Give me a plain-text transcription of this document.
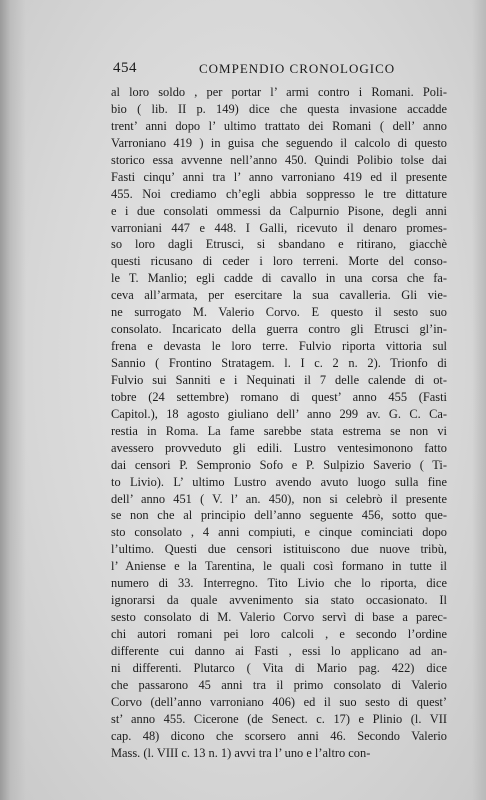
454	COMPENDIO CRONOLOGICO
al loro soldo , per portar l’ armi contro i Romani. Poli-
bio ( lib. II p. 149) dice che questa invasione accadde
trent’ anni dopo l’ ultimo trattato dei Romani ( dell’ anno
Varroniano 419 ) in guisa che seguendo il calcolo di questo
storico essa avvenne nell’anno 450. Quindi Polibio tolse dai
Fasti cinqu’ anni tra l’ anno varroniano 419 ed il presente
455. Noi crediamo ch’egli abbia soppresso le tre dittature
e i due consolati ommessi da Calpurnio Pisone, degli anni
varroniani 447 e 448. I Galli, ricevuto il denaro promes-
so loro dagli Etrusci, si sbandano e ritirano, giacchè
questi ricusano di ceder i loro terreni. Morte del conso-
le T. Manlio; egli cadde di cavallo in una corsa che fa-
ceva all’armata, per esercitare la sua cavalleria. Gli vie-
ne surrogato M. Valerio Corvo. E questo il sesto suo
consolato. Incaricato della guerra contro gli Etrusci gl’in-
frena e devasta le loro terre. Fulvio riporta vittoria sul
Sannio ( Frontino Stratagem. l. I c. 2 n. 2). Trionfo di
Fulvio sui Sanniti e i Nequinati il 7 delle calende di ot-
tobre (24 settembre) romano di quest’ anno 455 (Fasti
Capitol.), 18 agosto giuliano dell’ anno 299 av. G. C. Ca-
restia in Roma. La fame sarebbe stata estrema se non vi
avessero provveduto gli edili. Lustro ventesimonono fatto
dai censori P. Sempronio Sofo e P. Sulpizio Saverio ( Ti-
to Livio). L’ ultimo Lustro avendo avuto luogo sulla fine
dell’ anno 451 ( V. l’ an. 450), non si celebrò il presente
se non che al principio dell’anno seguente 456, sotto que-
sto consolato , 4 anni compiuti, e cinque cominciati dopo
l’ultimo. Questi due censori istituiscono due nuove tribù,
l’ Aniense e la Tarentina, le quali così formano in tutte il
numero di 33. Interregno. Tito Livio che lo riporta, dice
ignorarsi da quale avvenimento sia stato occasionato. Il
sesto consolato di M. Valerio Corvo servì di base a parec-
chi autori romani pei loro calcoli , e secondo l’ordine
differente cui danno ai Fasti , essi lo applicano ad an-
ni differenti. Plutarco ( Vita di Mario pag. 422) dice
che passarono 45 anni tra il primo consolato di Valerio
Corvo (dell’anno varroniano 406) ed il suo sesto di quest’
st’ anno 455. Cicerone (de Senect. c. 17) e Plinio (l. VII
cap. 48) dicono che scorsero anni 46. Secondo Valerio
Mass. (l. VIII c. 13 n. 1) avvi tra l’ uno e l’altro con-
